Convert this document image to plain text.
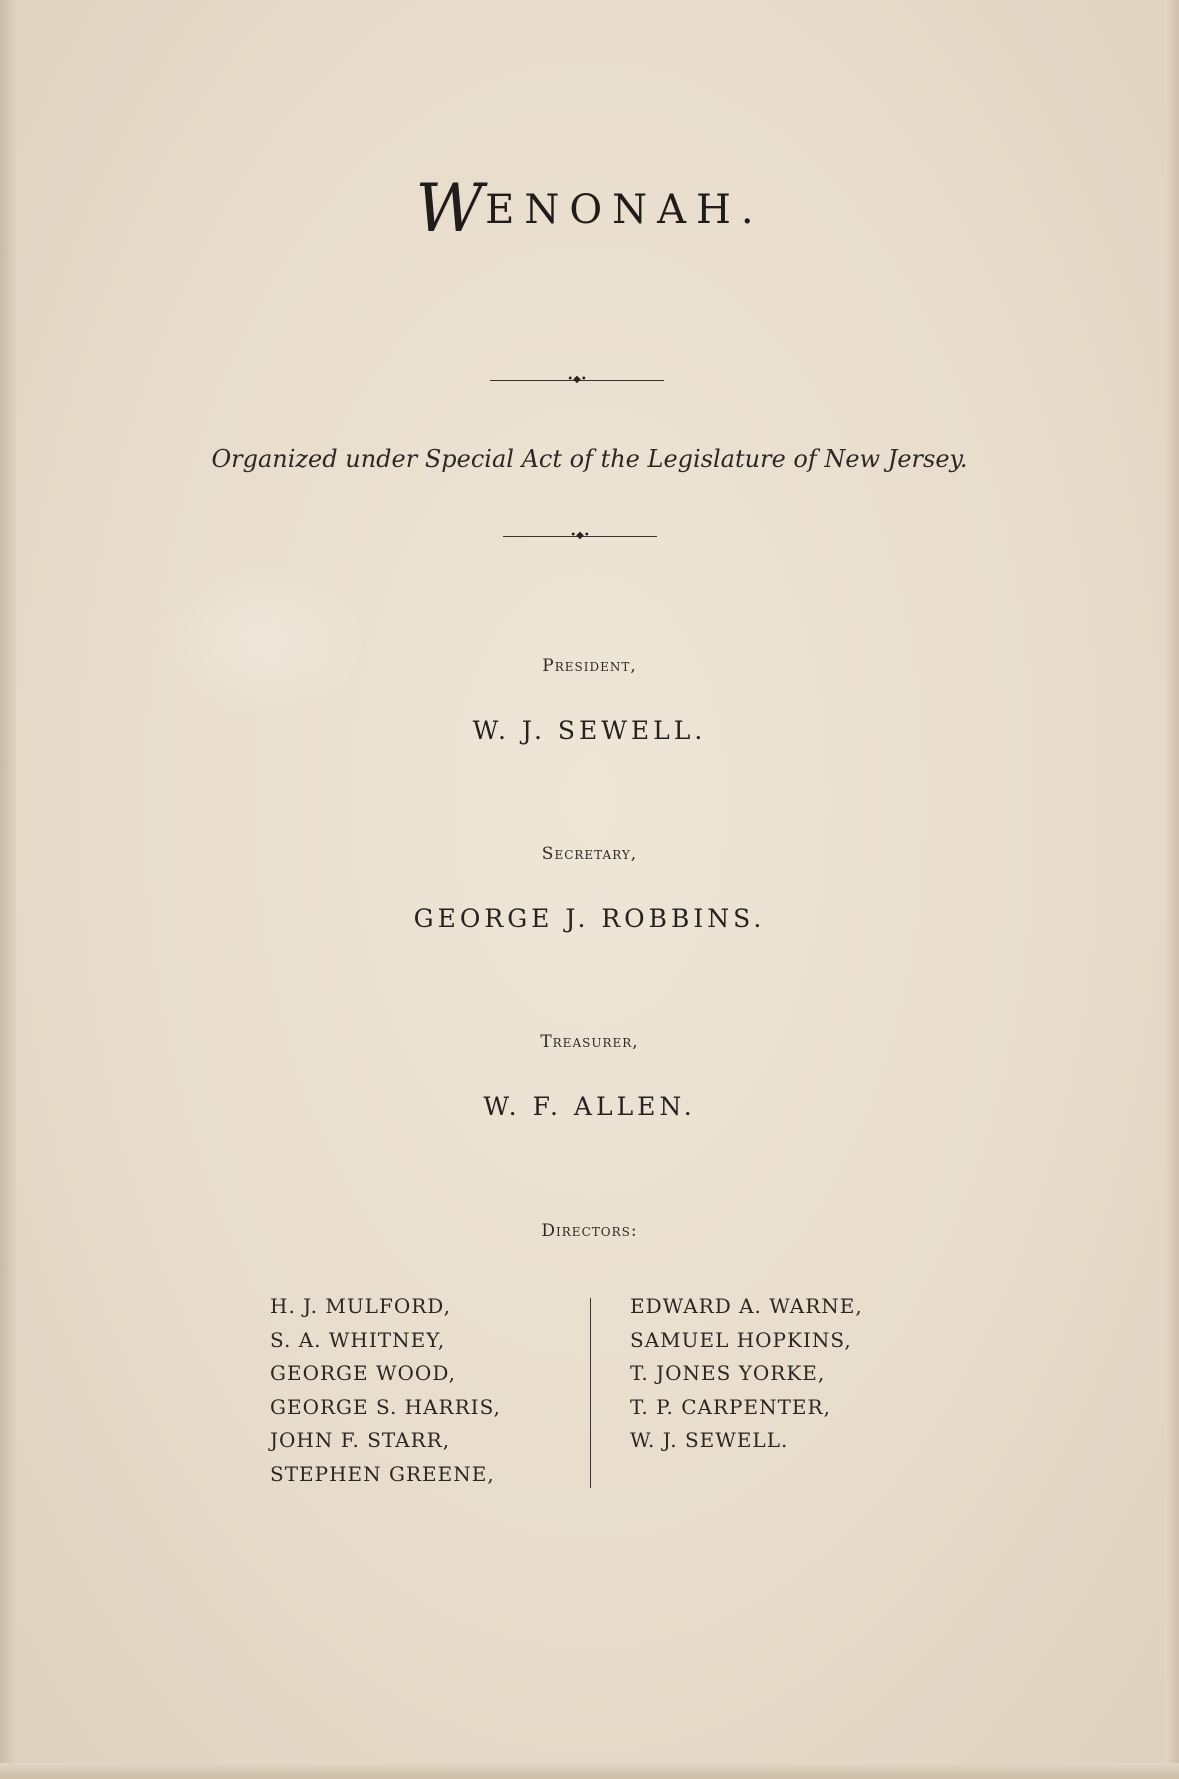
WENONAH.
•◆•
Organized under Special Act of the Legislature of New Jersey.
•◆•
President,
W. J. SEWELL.
Secretary,
GEORGE J. ROBBINS.
Treasurer,
W. F. ALLEN.
Directors:
H. J. MULFORD,
S. A. WHITNEY,
GEORGE WOOD,
GEORGE S. HARRIS,
JOHN F. STARR,
STEPHEN GREENE,
EDWARD A. WARNE,
SAMUEL HOPKINS,
T. JONES YORKE,
T. P. CARPENTER,
W. J. SEWELL.
